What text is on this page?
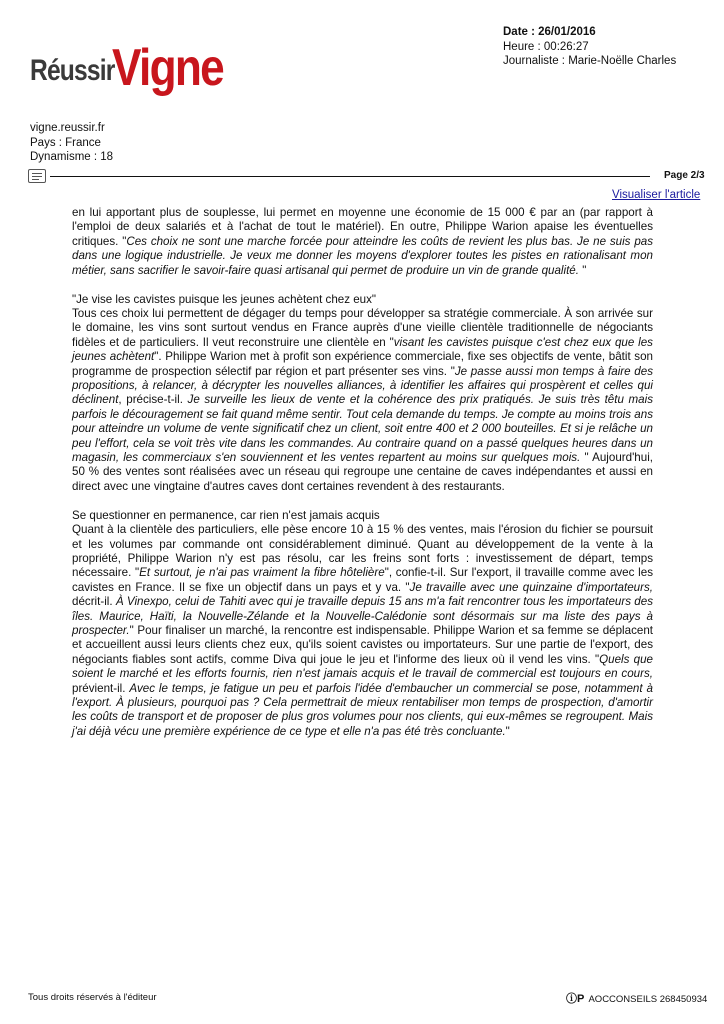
Réussir
Vigne
Date : 26/01/2016
Heure : 00:26:27
Journaliste : Marie-Noëlle Charles
vigne.reussir.fr
Pays : France
Dynamisme : 18
Page 2/3
Visualiser l'article

en lui apportant plus de souplesse, lui permet en moyenne une économie de 15 000 € par an (par rapport à l'emploi de deux salariés et à l'achat de tout le matériel). En outre, Philippe Warion apaise les éventuelles critiques. "Ces choix ne sont une marche forcée pour atteindre les coûts de revient les plus bas. Je ne suis pas dans une logique industrielle. Je veux me donner les moyens d'explorer toutes les pistes en rationalisant mon métier, sans sacrifier le savoir-faire quasi artisanal qui permet de produire un vin de grande qualité. "

"Je vise les cavistes puisque les jeunes achètent chez eux"
Tous ces choix lui permettent de dégager du temps pour développer sa stratégie commerciale. À son arrivée sur le domaine, les vins sont surtout vendus en France auprès d'une vieille clientèle traditionnelle de négociants fidèles et de particuliers. Il veut reconstruire une clientèle en "visant les cavistes puisque c'est chez eux que les jeunes achètent". Philippe Warion met à profit son expérience commerciale, fixe ses objectifs de vente, bâtit son programme de prospection sélectif par région et part présenter ses vins. "Je passe aussi mon temps à faire des propositions, à relancer, à décrypter les nouvelles alliances, à identifier les affaires qui prospèrent et celles qui déclinent, précise-t-il. Je surveille les lieux de vente et la cohérence des prix pratiqués. Je suis très têtu mais parfois le découragement se fait quand même sentir. Tout cela demande du temps. Je compte au moins trois ans pour atteindre un volume de vente significatif chez un client, soit entre 400 et 2 000 bouteilles. Et si je relâche un peu l'effort, cela se voit très vite dans les commandes. Au contraire quand on a passé quelques heures dans un magasin, les commerciaux s'en souviennent et les ventes repartent au moins sur quelques mois. " Aujourd'hui, 50 % des ventes sont réalisées avec un réseau qui regroupe une centaine de caves indépendantes et aussi en direct avec une vingtaine d'autres caves dont certaines revendent à des restaurants.

Se questionner en permanence, car rien n'est jamais acquis
Quant à la clientèle des particuliers, elle pèse encore 10 à 15 % des ventes, mais l'érosion du fichier se poursuit et les volumes par commande ont considérablement diminué. Quant au développement de la vente à la propriété, Philippe Warion n'y est pas résolu, car les freins sont forts : investissement de départ, temps nécessaire. "Et surtout, je n'ai pas vraiment la fibre hôtelière", confie-t-il. Sur l'export, il travaille comme avec les cavistes en France. Il se fixe un objectif dans un pays et y va. "Je travaille avec une quinzaine d'importateurs, décrit-il. À Vinexpo, celui de Tahiti avec qui je travaille depuis 15 ans m'a fait rencontrer tous les importateurs des îles. Maurice, Haïti, la Nouvelle-Zélande et la Nouvelle-Calédonie sont désormais sur ma liste des pays à prospecter." Pour finaliser un marché, la rencontre est indispensable. Philippe Warion et sa femme se déplacent et accueillent aussi leurs clients chez eux, qu'ils soient cavistes ou importateurs. Sur une partie de l'export, des négociants fiables sont actifs, comme Diva qui joue le jeu et l'informe des lieux où il vend les vins. "Quels que soient le marché et les efforts fournis, rien n'est jamais acquis et le travail de commercial est toujours en cours, prévient-il. Avec le temps, je fatigue un peu et parfois l'idée d'embaucher un commercial se pose, notamment à l'export. À plusieurs, pourquoi pas ? Cela permettrait de mieux rentabiliser mon temps de prospection, d'amortir les coûts de transport et de proposer de plus gros volumes pour nos clients, qui eux-mêmes se regroupent. Mais j'ai déjà vécu une première expérience de ce type et elle n'a pas été très concluante."

Tous droits réservés à l'éditeur	ⓘP AOCCONSEILS 268450934
